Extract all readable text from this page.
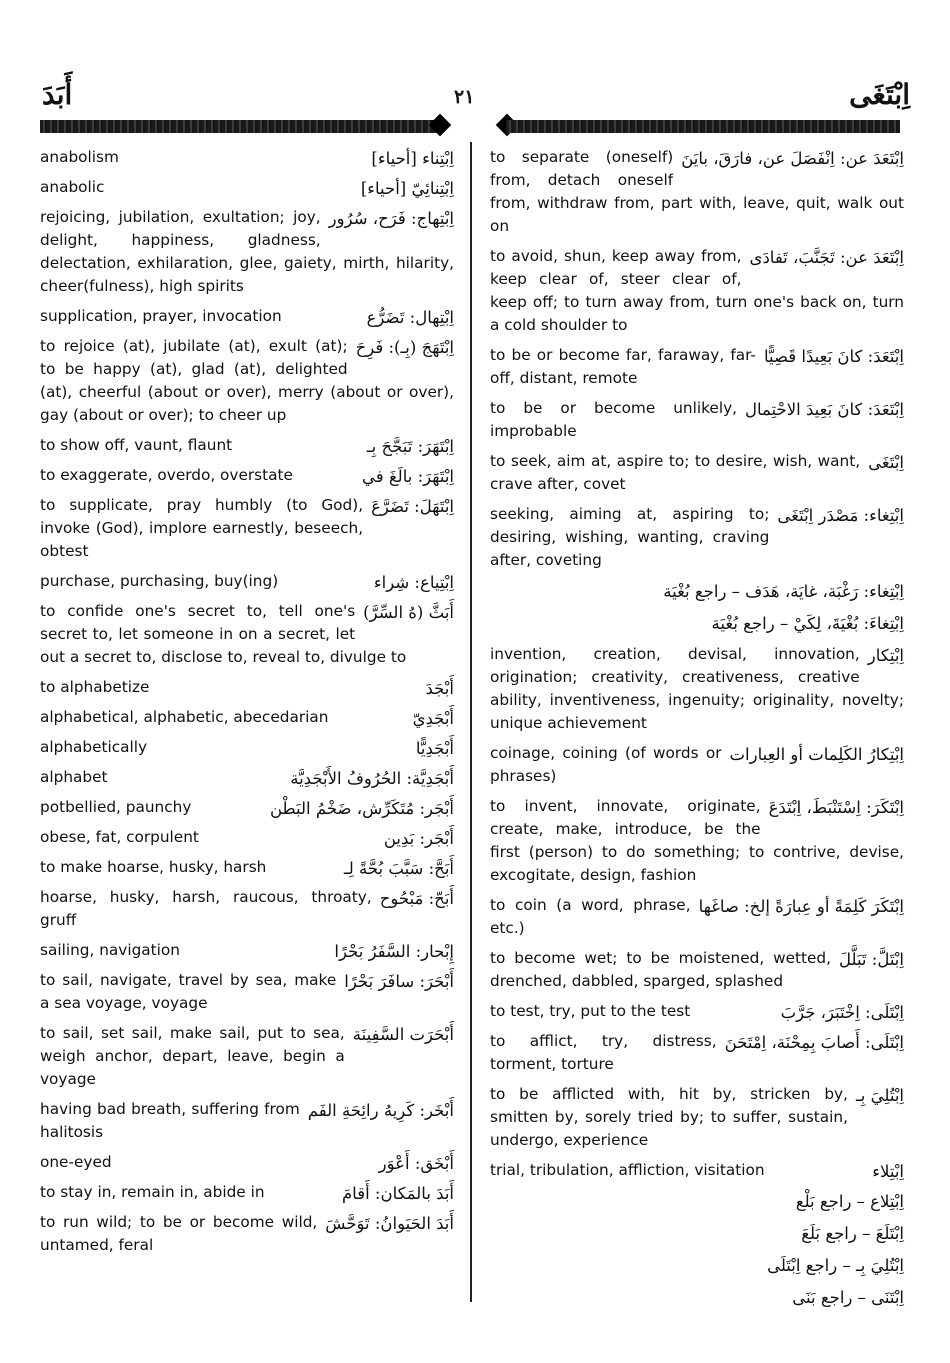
أَبَدَ	٢١	اِبْتَغَى
اِبْتِناء [أحياء]
anabolism
اِبْتِنائِيّ [أحياء]
anabolic
اِبْتِهاج: فَرَح، سُرُور
rejoicing, jubilation, exultation; joy, delight, happiness, gladness, delectation, exhilaration, glee, gaiety, mirth, hilarity, cheer(fulness), high spirits
اِبْتِهال: تَضَرُّع
supplication, prayer, invocation
اِبْتَهَجَ (بِـ): فَرِحَ
to rejoice (at), jubilate (at), exult (at); to be happy (at), glad (at), delighted (at), cheerful (about or over), merry (about or over), gay (about or over); to cheer up
اِبْتَهَرَ: تَبَجَّحَ بِـ
to show off, vaunt, flaunt
اِبْتَهَرَ: بالَغَ في
to exaggerate, overdo, overstate
اِبْتَهَلَ: تَضَرَّعَ
to supplicate, pray humbly (to God), invoke (God), implore earnestly, beseech, obtest
اِبْتِياع: شِراء
purchase, purchasing, buy(ing)
أَبَثَّ (هُ السِّرَّ)
to confide one's secret to, tell one's secret to, let someone in on a secret, let out a secret to, disclose to, reveal to, divulge to
أَبْجَدَ
to alphabetize
أَبْجَدِيّ
alphabetical, alphabetic, abecedarian
أَبْجَدِيًّا
alphabetically
أَبْجَدِيَّة: الحُرُوفُ الأَبْجَدِيَّة
alphabet
أَبْجَر: مُتَكَرِّش، ضَخْمُ البَطْن
potbellied, paunchy
أَبْجَر: بَدِين
obese, fat, corpulent
أَبَحَّ: سَبَّبَ بُحَّةً لِـ
to make hoarse, husky, harsh
أَبَحّ: مَبْحُوح
hoarse, husky, harsh, raucous, throaty, gruff
إِبْحار: السَّفَرُ بَحْرًا
sailing, navigation
أَبْحَرَ: سافَرَ بَحْرًا
to sail, navigate, travel by sea, make a sea voyage, voyage
أَبْحَرَت السَّفِينَة
to sail, set sail, make sail, put to sea, weigh anchor, depart, leave, begin a voyage
أَبْخَر: كَرِيهُ رائِحَةِ الفَم
having bad breath, suffering from halitosis
أَبْخَق: أَعْوَر
one-eyed
أَبَدَ بالمَكان: أَقامَ
to stay in, remain in, abide in
أَبَدَ الحَيَوانُ: تَوَحَّشَ
to run wild; to be or become wild, untamed, feral
اِبْتَعَدَ عن: اِنْفَصَلَ عن، فارَقَ، بايَنَ
to separate (oneself) from, detach oneself from, withdraw from, part with, leave, quit, walk out on
اِبْتَعَدَ عن: تَجَنَّبَ، تَفادَى
to avoid, shun, keep away from, keep clear of, steer clear of, keep off; to turn away from, turn one's back on, turn a cold shoulder to
اِبْتَعَدَ: كانَ بَعِيدًا قَصِيًّا
to be or become far, faraway, far-off, distant, remote
اِبْتَعَدَ: كانَ بَعِيدَ الاحْتِمال
to be or become unlikely, improbable
اِبْتَغَى
to seek, aim at, aspire to; to desire, wish, want, crave after, covet
اِبْتِغاء: مَصْدَر اِبْتَغَى
seeking, aiming at, aspiring to; desiring, wishing, wanting, craving after, coveting
اِبْتِغاء: رَغْبَة، غايَة، هَدَف – راجع بُغْيَة
اِبْتِغاءَ: بُغْيَةَ، لِكَيْ – راجع بُغْيَة
اِبْتِكار
invention, creation, devisal, innovation, origination; creativity, creativeness, creative ability, inventiveness, ingenuity; originality, novelty; unique achievement
اِبْتِكارُ الكَلِمات أو العِبارات
coinage, coining (of words or phrases)
اِبْتَكَرَ: اِسْتَنْبَطَ، اِبْتَدَعَ
to invent, innovate, originate, create, make, introduce, be the first (person) to do something; to contrive, devise, excogitate, design, fashion
اِبْتَكَرَ كَلِمَةً أو عِبارَةً إلخ: صاغَها
to coin (a word, phrase, etc.)
اِبْتَلَّ: تَبَلَّلَ
to become wet; to be moistened, wetted, drenched, dabbled, sparged, splashed
اِبْتَلَى: اِخْتَبَرَ، جَرَّبَ
to test, try, put to the test
اِبْتَلَى: أَصابَ بِمِحْنَة، اِمْتَحَنَ
to afflict, try, distress, torment, torture
اِبْتُلِيَ بِـ
to be afflicted with, hit by, stricken by, smitten by, sorely tried by; to suffer, sustain, undergo, experience
اِبْتِلاء
trial, tribulation, affliction, visitation
اِبْتِلاع – راجع بَلْع
اِبْتَلَعَ – راجع بَلَعَ
اِبْتُلِيَ بِـ – راجع اِبْتَلَى
اِبْتَنَى – راجع بَنَى
